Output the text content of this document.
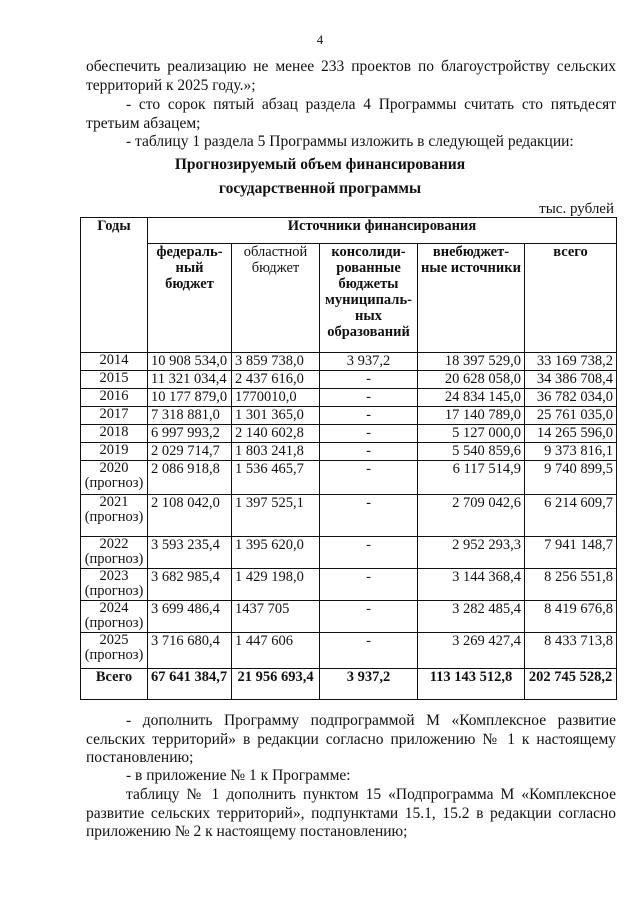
4

обеспечить реализацию не менее 233 проектов по благоустройству сельских территорий к 2025 году.»;

- сто сорок пятый абзац раздела 4 Программы считать сто пятьдесят третьим абзацем;

- таблицу 1 раздела 5 Программы изложить в следующей редакции:

Прогнозируемый объем финансирования
государственной программы
тыс. рублей
Годы	Источники финансирования				
	федераль-ный бюджет	областной бюджет	консолиди-рованные бюджеты муниципаль-ных образований	внебюджет-ные источники	всего
2014	10 908 534,0	3 859 738,0	3 937,2	18 397 529,0	33 169 738,2
2015	11 321 034,4	2 437 616,0	-	20 628 058,0	34 386 708,4
2016	10 177 879,0	1770010,0	-	24 834 145,0	36 782 034,0
2017	7 318 881,0	1 301 365,0	-	17 140 789,0	25 761 035,0
2018	6 997 993,2	2 140 602,8	-	5 127 000,0	14 265 596,0
2019	2 029 714,7	1 803 241,8	-	5 540 859,6	9 373 816,1
2020
(прогноз)	2 086 918,8	1 536 465,7	-	6 117 514,9	9 740 899,5
2021
(прогноз)	2 108 042,0	1 397 525,1	-	2 709 042,6	6 214 609,7
2022
(прогноз)	3 593 235,4	1 395 620,0	-	2 952 293,3	7 941 148,7
2023
(прогноз)	3 682 985,4	1 429 198,0	-	3 144 368,4	8 256 551,8
2024
(прогноз)	3 699 486,4	1437 705	-	3 282 485,4	8 419 676,8
2025
(прогноз)	3 716 680,4	1 447 606	-	3 269 427,4	8 433 713,8
Всего	67 641 384,7	21 956 693,4	3 937,2	113 143 512,8	202 745 528,2

- дополнить Программу подпрограммой М «Комплексное развитие сельских территорий» в редакции согласно приложению № 1 к настоящему постановлению;

- в приложение № 1 к Программе:

таблицу № 1 дополнить пунктом 15 «Подпрограмма М «Комплексное развитие сельских территорий», подпунктами 15.1, 15.2 в редакции согласно приложению № 2 к настоящему постановлению;
